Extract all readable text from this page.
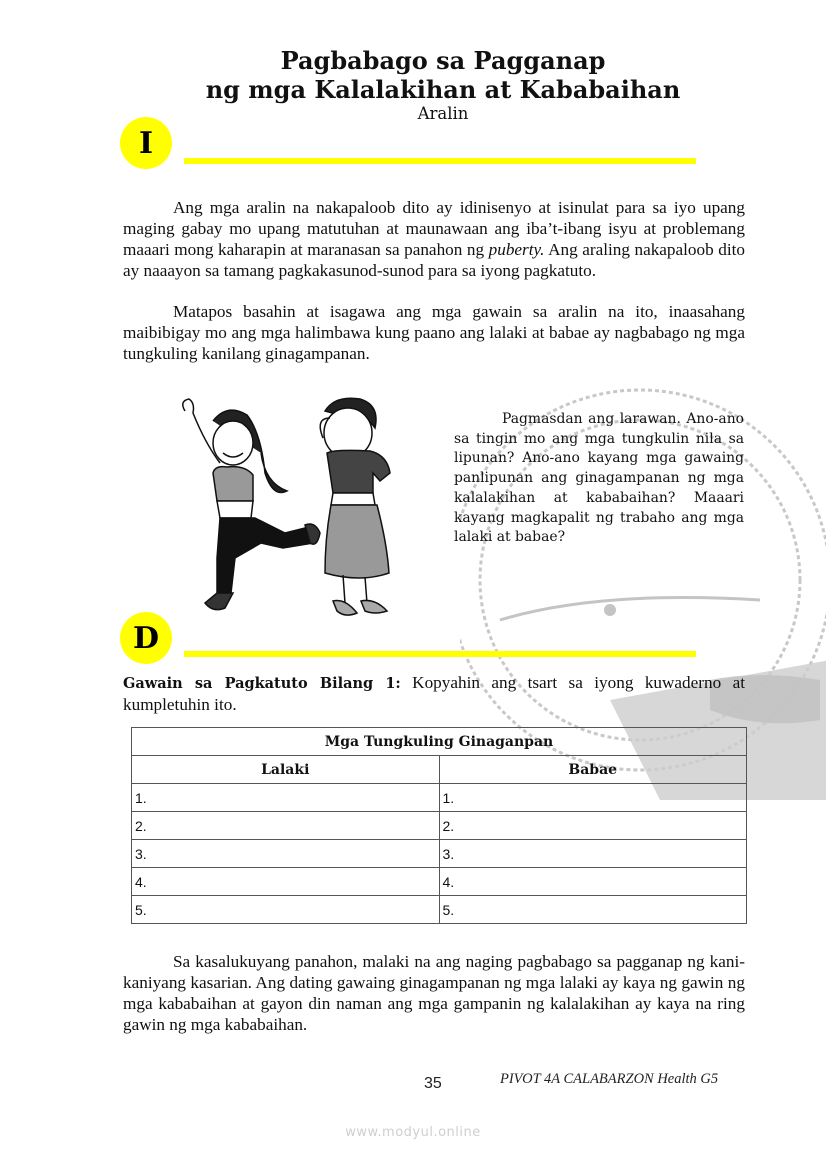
Pagbabago sa Pagganap
ng mga Kalalakihan at Kababaihan
Aralin
I
Ang mga aralin na nakapaloob dito ay idinisenyo at isinulat para sa iyo upang maging gabay mo upang matutuhan at maunawaan ang iba’t-ibang isyu at problemang maaari mong kaharapin at maranasan sa panahon ng puberty. Ang araling nakapaloob dito ay naaayon sa tamang pagkakasunod-sunod para sa iyong pagkatuto.
Matapos basahin at isagawa ang mga gawain sa aralin na ito, inaasahang maibibigay mo ang mga halimbawa kung paano ang lalaki at babae ay nagbabago ng mga tungkuling kanilang ginagampanan.
Pagmasdan ang larawan. Ano-ano sa tingin mo ang mga tungkulin nila sa lipunan? Ano-ano kayang mga gawaing panlipunan ang ginagampanan ng mga kalalakihan at kababaihan? Maaari kayang magkapalit ng trabaho ang mga lalaki at babae?
D
Gawain sa Pagkatuto Bilang 1: Kopyahin ang tsart sa iyong kuwaderno at kumpletuhin ito.
Mga Tungkuling Ginaganpan	
Lalaki	Babae
1.	1.
2.	2.
3.	3.
4.	4.
5.	5.
Sa kasalukuyang panahon, malaki na ang naging pagbabago sa pagganap ng kani-kaniyang kasarian. Ang dating gawaing ginagampanan ng mga lalaki ay kaya ng gawin ng mga kababaihan at gayon din naman ang mga gampanin ng kalalakihan ay kaya na ring gawin ng mga kababaihan.
35	PIVOT 4A CALABARZON Health G5
www.modyul.online
